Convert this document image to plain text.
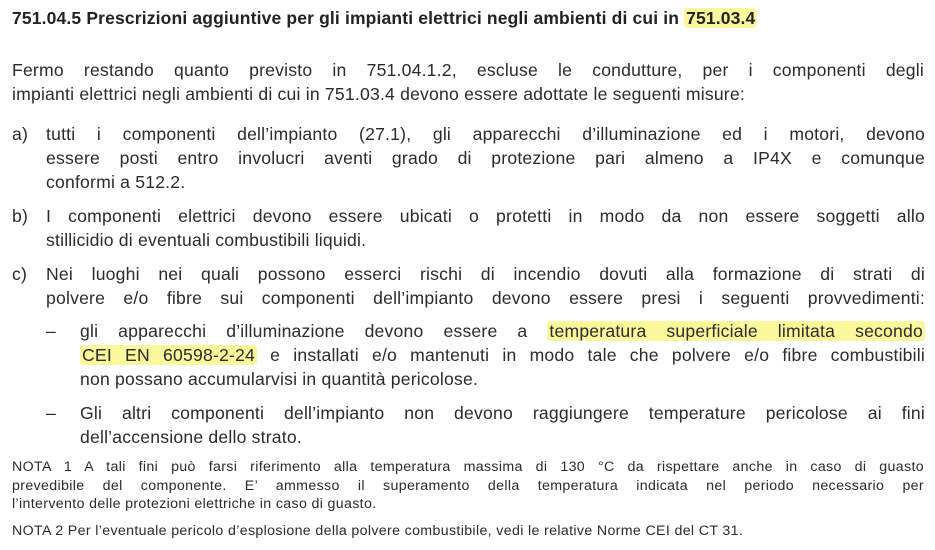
751.04.5 Prescrizioni aggiuntive per gli impianti elettrici negli ambienti di cui in 751.03.4
Fermo restando quanto previsto in 751.04.1.2, escluse le condutture, per i componenti degli
impianti elettrici negli ambienti di cui in 751.03.4 devono essere adottate le seguenti misure:
a) tutti i componenti dell’impianto (27.1), gli apparecchi d’illuminazione ed i motori, devono
essere posti entro involucri aventi grado di protezione pari almeno a IP4X e comunque
conformi a 512.2.
b) I componenti elettrici devono essere ubicati o protetti in modo da non essere soggetti allo
stillicidio di eventuali combustibili liquidi.
c) Nei luoghi nei quali possono esserci rischi di incendio dovuti alla formazione di strati di
polvere e/o fibre sui componenti dell’impianto devono essere presi i seguenti provvedimenti:
– gli apparecchi d’illuminazione devono essere a temperatura superficiale limitata secondo
CEI EN 60598-2-24 e installati e/o mantenuti in modo tale che polvere e/o fibre combustibili
non possano accumularvisi in quantità pericolose.
– Gli altri componenti dell’impianto non devono raggiungere temperature pericolose ai fini
dell’accensione dello strato.
NOTA 1 A tali fini può farsi riferimento alla temperatura massima di 130 °C da rispettare anche in caso di guasto
prevedibile del componente. E’ ammesso il superamento della temperatura indicata nel periodo necessario per
l’intervento delle protezioni elettriche in caso di guasto.
NOTA 2 Per l’eventuale pericolo d’esplosione della polvere combustibile, vedi le relative Norme CEI del CT 31.
